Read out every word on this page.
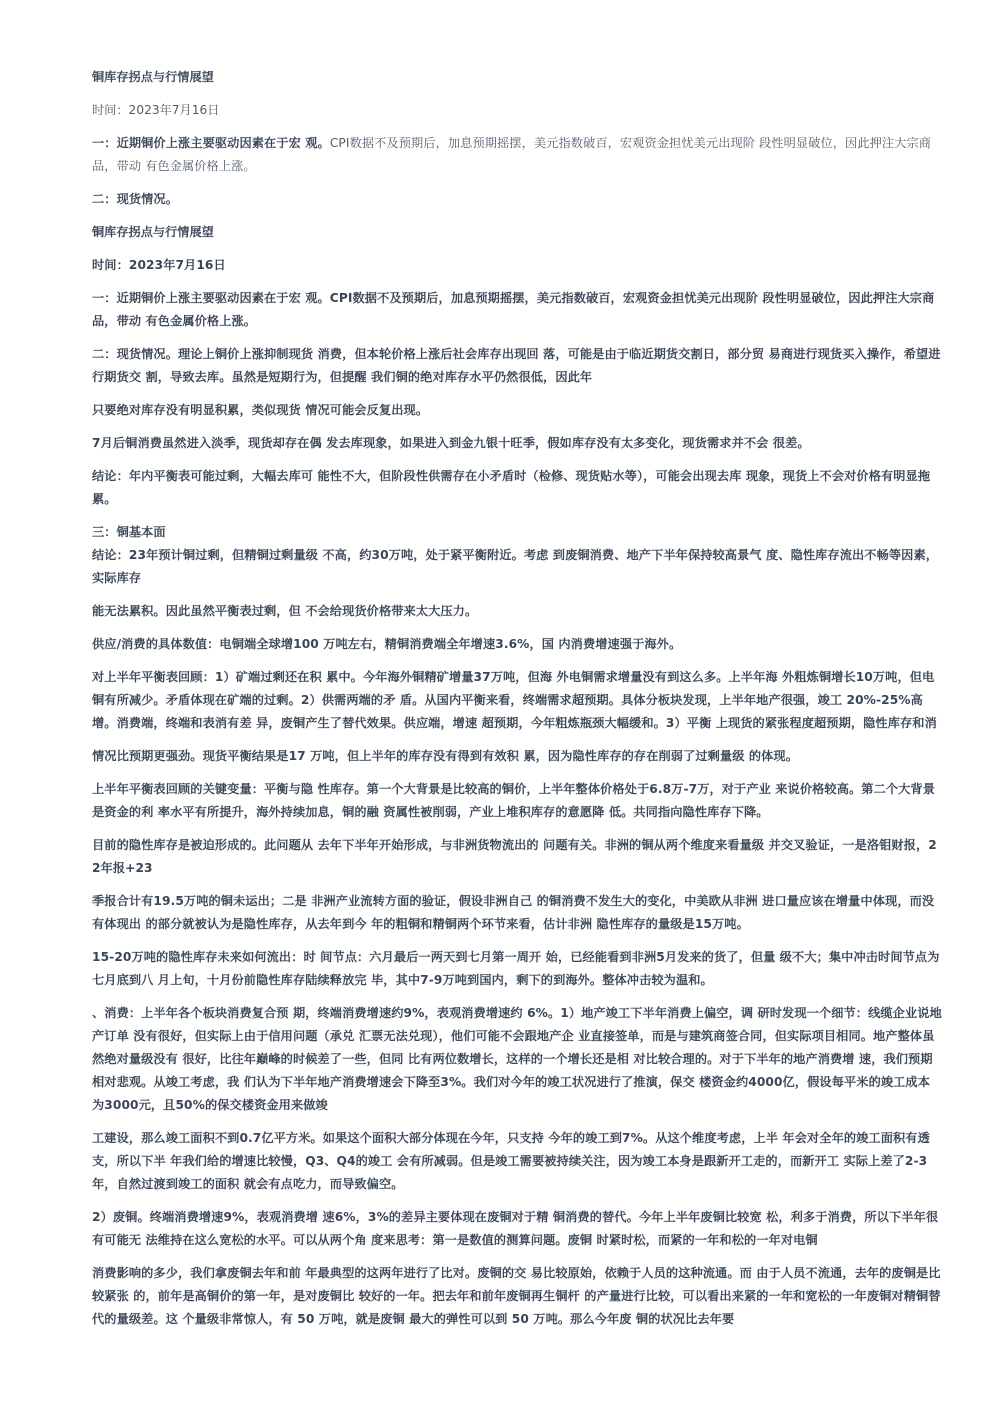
铜库存拐点与行情展望
时间：2023年7月16日
一：近期铜价上涨主要驱动因素在于宏 观。CPI数据不及预期后，加息预期摇摆，美元指数破百，宏观资金担忧美元出现阶 段性明显破位，因此押注大宗商品，带动 有色金属价格上涨。
二：现货情况。
铜库存拐点与行情展望
时间：2023年7月16日
一：近期铜价上涨主要驱动因素在于宏 观。CPI数据不及预期后，加息预期摇摆，美元指数破百，宏观资金担忧美元出现阶 段性明显破位，因此押注大宗商品，带动 有色金属价格上涨。
二：现货情况。理论上铜价上涨抑制现货 消费，但本轮价格上涨后社会库存出现回 落，可能是由于临近期货交割日，部分贸 易商进行现货买入操作，希望进行期货交 割，导致去库。虽然是短期行为，但提醒 我们铜的绝对库存水平仍然很低，因此年
只要绝对库存没有明显积累，类似现货 情况可能会反复出现。
7月后铜消费虽然进入淡季，现货却存在偶 发去库现象，如果进入到金九银十旺季，假如库存没有太多变化，现货需求并不会 很差。
结论：年内平衡表可能过剩，大幅去库可 能性不大，但阶段性供需存在小矛盾时（检修、现货贴水等），可能会出现去库 现象，现货上不会对价格有明显拖累。
三：铜基本面
结论：23年预计铜过剩，但精铜过剩量级 不高，约30万吨，处于紧平衡附近。考虑 到废铜消费、地产下半年保持较高景气 度、隐性库存流出不畅等因素，实际库存
能无法累积。因此虽然平衡表过剩，但 不会给现货价格带来太大压力。
供应/消费的具体数值：电铜端全球增100 万吨左右，精铜消费端全年增速3.6%，国 内消费增速强于海外。
对上半年平衡表回顾：1）矿端过剩还在积 累中。今年海外铜精矿增量37万吨，但海 外电铜需求增量没有到这么多。上半年海 外粗炼铜增长10万吨，但电铜有所减少。矛盾体现在矿端的过剩。2）供需两端的矛 盾。从国内平衡来看，终端需求超预期。具体分板块发现，上半年地产很强，竣工 20%-25%高增。消费端，终端和表消有差 异，废铜产生了替代效果。供应端，增速 超预期，今年粗炼瓶颈大幅缓和。3）平衡 上现货的紧张程度超预期，隐性库存和消
情况比预期更强劲。现货平衡结果是17 万吨，但上半年的库存没有得到有效积 累，因为隐性库存的存在削弱了过剩量级 的体现。
上半年平衡表回顾的关键变量：平衡与隐 性库存。第一个大背景是比较高的铜价，上半年整体价格处于6.8万-7万，对于产业 来说价格较高。第二个大背景是资金的利 率水平有所提升，海外持续加息，铜的融 资属性被削弱，产业上堆积库存的意愿降 低。共同指向隐性库存下降。
目前的隐性库存是被迫形成的。此问题从 去年下半年开始形成，与非洲货物流出的 问题有关。非洲的铜从两个维度来看量级 并交叉验证，一是洛钼财报，22年报+23
季报合计有19.5万吨的铜未运出；二是 非洲产业流转方面的验证，假设非洲自己 的铜消费不发生大的变化，中美欧从非洲 进口量应该在增量中体现，而没有体现出 的部分就被认为是隐性库存，从去年到今 年的粗铜和精铜两个环节来看，估计非洲 隐性库存的量级是15万吨。
15-20万吨的隐性库存未来如何流出：时 间节点：六月最后一两天到七月第一周开 始，已经能看到非洲5月发来的货了，但量 级不大；集中冲击时间节点为七月底到八 月上旬，十月份前隐性库存陆续释放完 毕，其中7-9万吨到国内，剩下的到海外。整体冲击较为温和。
、消费：上半年各个板块消费复合预 期，终端消费增速约9%，表观消费增速约 6%。1）地产竣工下半年消费上偏空，调 研时发现一个细节：线缆企业说地产订单 没有很好，但实际上由于信用问题（承兑 汇票无法兑现），他们可能不会跟地产企 业直接签单，而是与建筑商签合同，但实际项目相同。地产整体虽然绝对量级没有 很好，比往年巅峰的时候差了一些，但同 比有两位数增长，这样的一个增长还是相 对比较合理的。对于下半年的地产消费增 速，我们预期相对悲观。从竣工考虑，我 们认为下半年地产消费增速会下降至3%。我们对今年的竣工状况进行了推演，保交 楼资金约4000亿，假设每平米的竣工成本 为3000元，且50%的保交楼资金用来做竣
工建设，那么竣工面积不到0.7亿平方米。如果这个面积大部分体现在今年，只支持 今年的竣工到7%。从这个维度考虑，上半 年会对全年的竣工面积有透支，所以下半 年我们给的增速比较慢，Q3、Q4的竣工 会有所减弱。但是竣工需要被持续关注，因为竣工本身是跟新开工走的，而新开工 实际上差了2-3年，自然过渡到竣工的面积 就会有点吃力，而导致偏空。
2）废铜。终端消费增速9%，表观消费增 速6%，3%的差异主要体现在废铜对于精 铜消费的替代。今年上半年废铜比较宽 松，利多于消费，所以下半年很有可能无 法维持在这么宽松的水平。可以从两个角 度来思考：第一是数值的测算问题。废铜 时紧时松，而紧的一年和松的一年对电铜
消费影响的多少，我们拿废铜去年和前 年最典型的这两年进行了比对。废铜的交 易比较原始，依赖于人员的这种流通。而 由于人员不流通，去年的废铜是比较紧张 的，前年是高铜价的第一年，是对废铜比 较好的一年。把去年和前年废铜再生铜杆 的产量进行比较，可以看出来紧的一年和宽松的一年废铜对精铜替代的量级差。这 个量级非常惊人，有 50 万吨，就是废铜 最大的弹性可以到 50 万吨。那么今年废 铜的状况比去年要
